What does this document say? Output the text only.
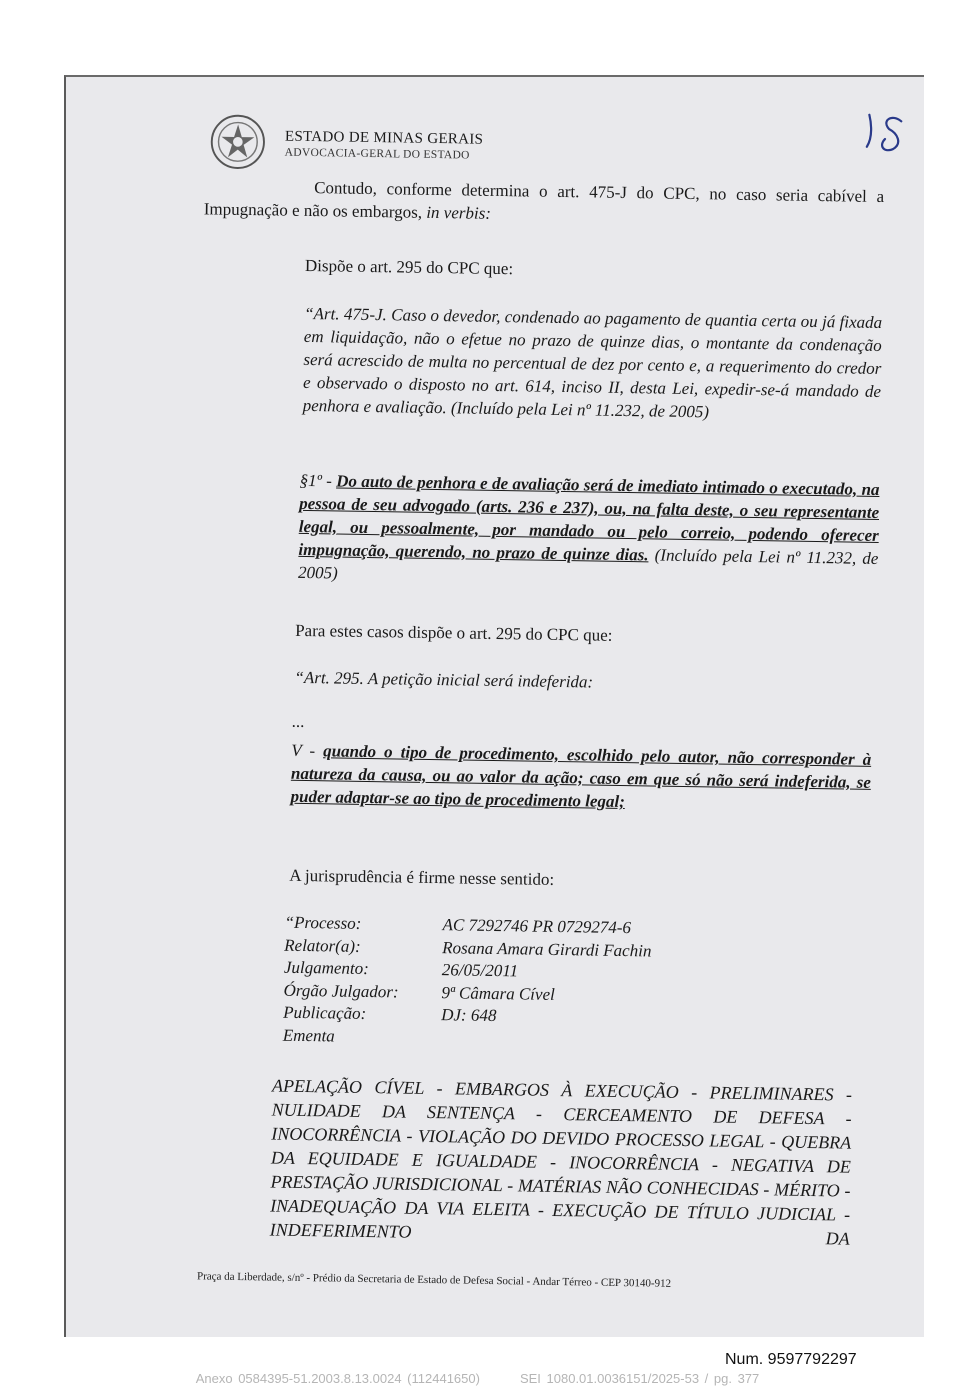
ESTADO DE MINAS GERAIS
ADVOCACIA-GERAL DO ESTADO
Contudo, conforme determina o art. 475-J do CPC, no caso seria cabível a Impugnação e não os embargos, in verbis:
Dispõe o art. 295 do CPC que:
“Art. 475-J. Caso o devedor, condenado ao pagamento de quantia certa ou já fixada em liquidação, não o efetue no prazo de quinze dias, o montante da condenação será acrescido de multa no percentual de dez por cento e, a requerimento do credor e observado o disposto no art. 614, inciso II, desta Lei, expedir-se-á mandado de penhora e avaliação. (Incluído pela Lei nº 11.232, de 2005)
§1º - Do auto de penhora e de avaliação será de imediato intimado o executado, na pessoa de seu advogado (arts. 236 e 237), ou, na falta deste, o seu representante legal, ou pessoalmente, por mandado ou pelo correio, podendo oferecer impugnação, querendo, no prazo de quinze dias. (Incluído pela Lei nº 11.232, de 2005)
Para estes casos dispõe o art. 295 do CPC que:
“Art. 295. A petição inicial será indeferida:
...
V - quando o tipo de procedimento, escolhido pelo autor, não corresponder à natureza da causa, ou ao valor da ação; caso em que só não será indeferida, se puder adaptar-se ao tipo de procedimento legal;
A jurisprudência é firme nesse sentido:
“Processo:	AC 7292746 PR 0729274-6
Relator(a):	Rosana Amara Girardi Fachin
Julgamento:	26/05/2011
Órgão Julgador:	9ª Câmara Cível
Publicação:	DJ: 648
Ementa
APELAÇÃO CÍVEL - EMBARGOS À EXECUÇÃO - PRELIMINARES - NULIDADE DA SENTENÇA - CERCEAMENTO DE DEFESA - INOCORRÊNCIA - VIOLAÇÃO DO DEVIDO PROCESSO LEGAL - QUEBRA DA EQUIDADE E IGUALDADE - INOCORRÊNCIA - NEGATIVA DE PRESTAÇÃO JURISDICIONAL - MATÉRIAS NÃO CONHECIDAS - MÉRITO - INADEQUAÇÃO DA VIA ELEITA - EXECUÇÃO DE TÍTULO JUDICIAL - INDEFERIMENTO DA
Praça da Liberdade, s/nº - Prédio da Secretaria de Estado de Defesa Social - Andar Térreo - CEP 30140-912
Num. 9597792297
Anexo 0584395-51.2003.8.13.0024 (112441650)	SEI 1080.01.0036151/2025-53 / pg. 377
